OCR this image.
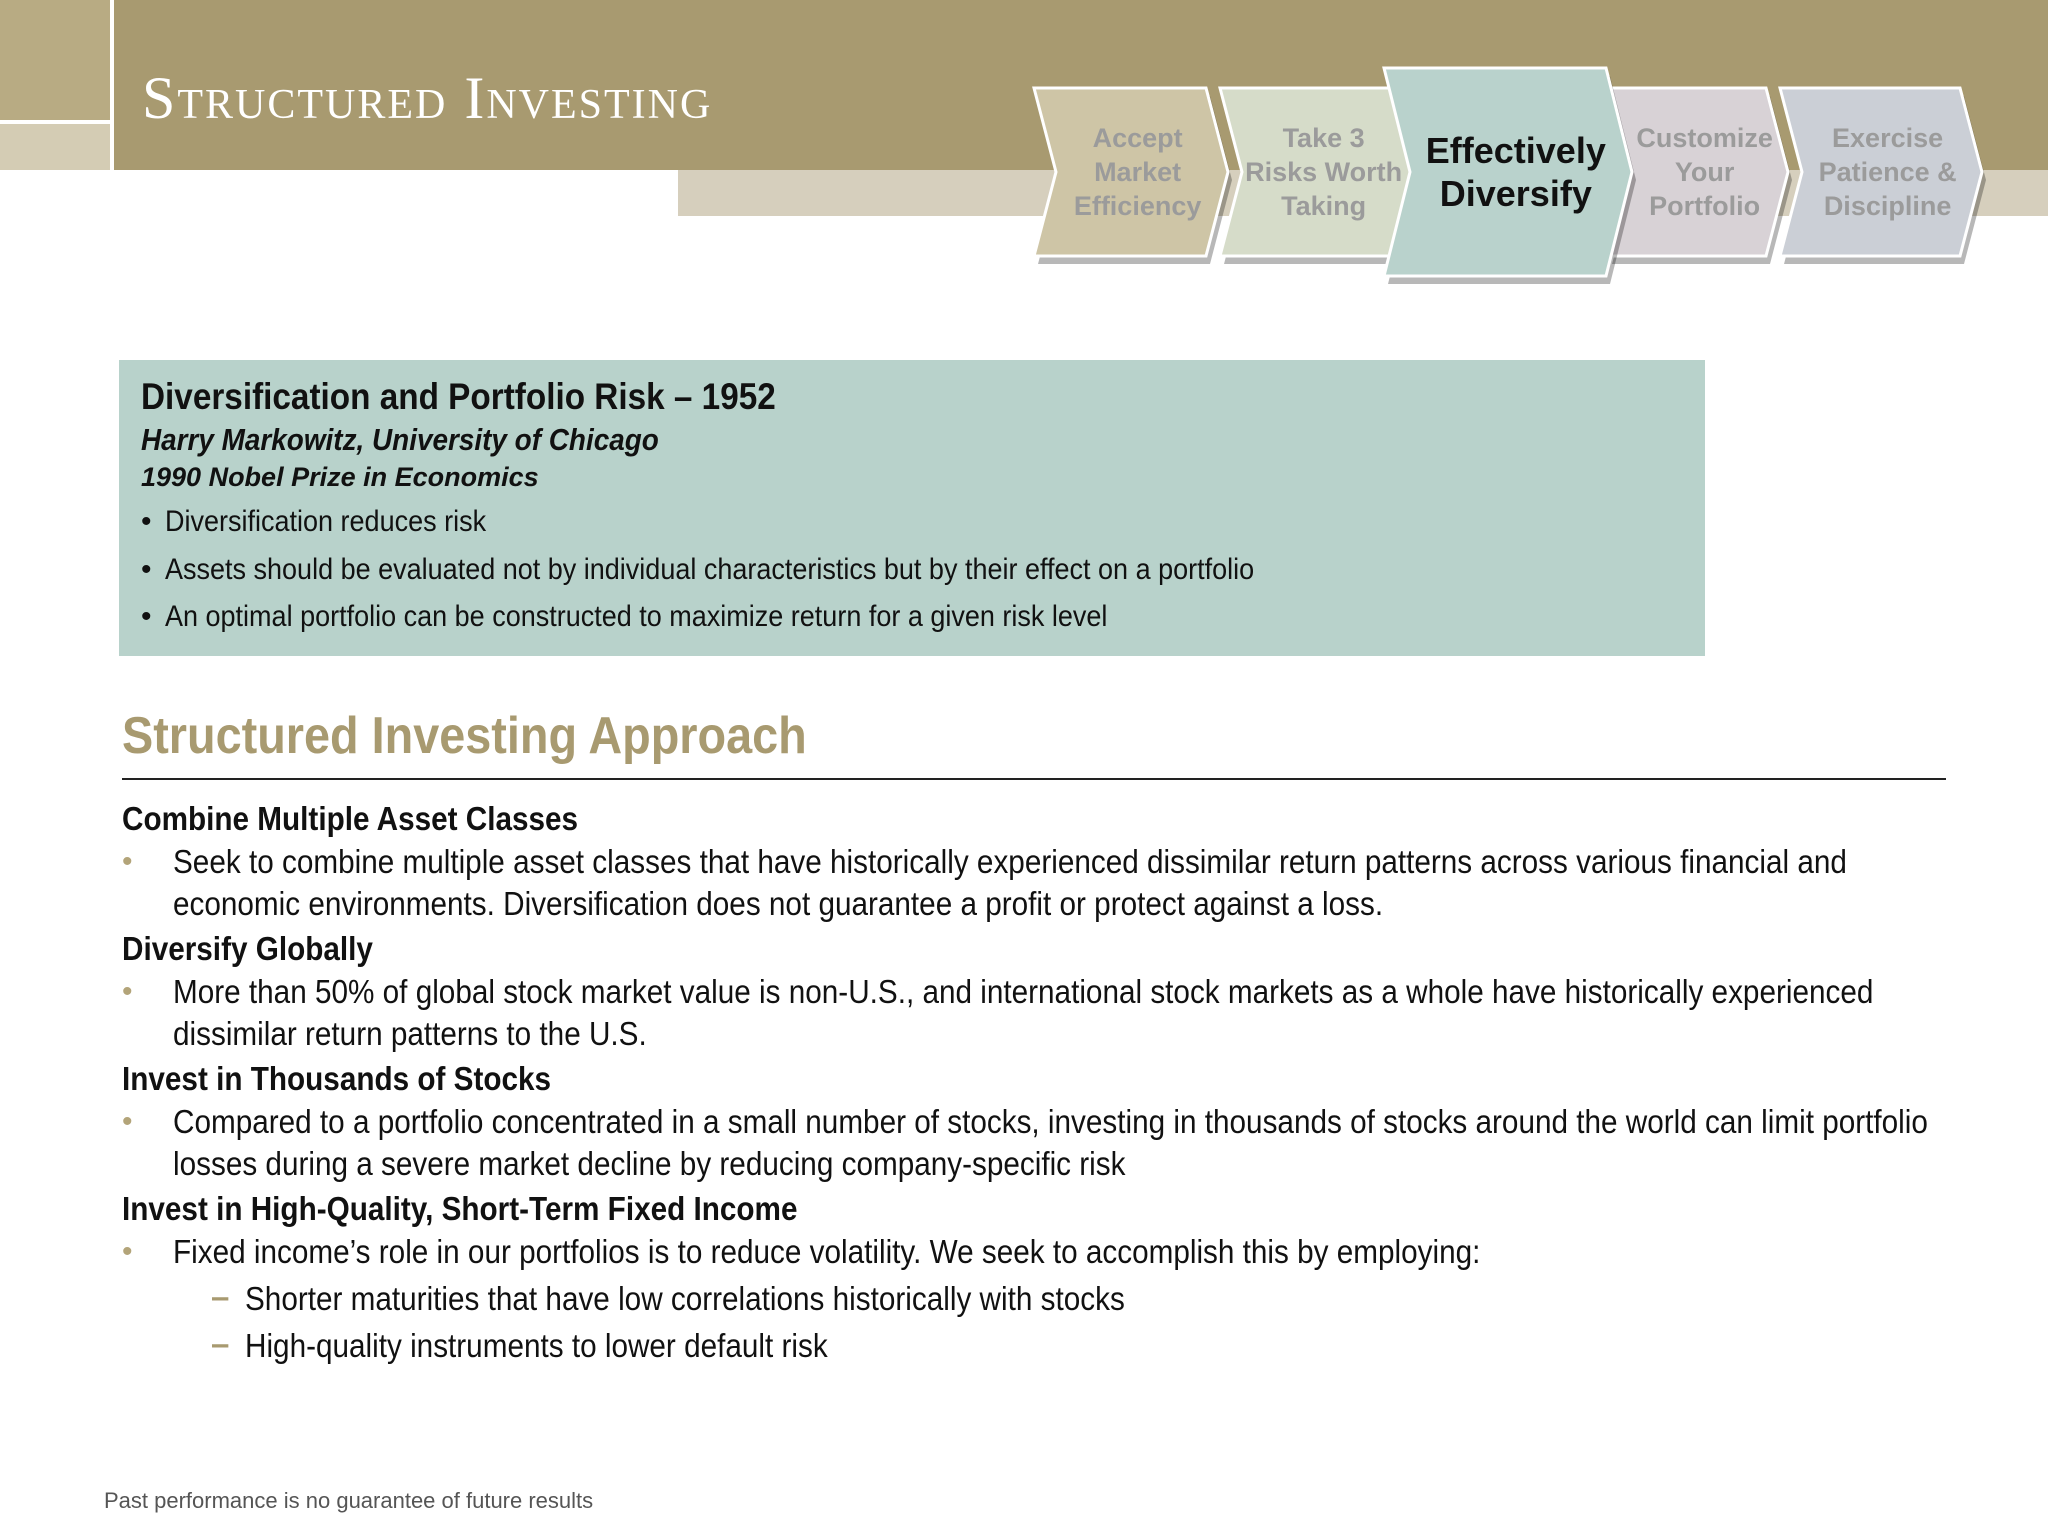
Structured Investing
Accept
Market
Efficiency
Take 3
Risks Worth
Taking
Customize
Your
Portfolio
Exercise
Patience &
Discipline
Effectively
Diversify

Diversification and Portfolio Risk – 1952

Harry Markowitz, University of Chicago

1990 Nobel Prize in Economics

• Diversification reduces risk
• Assets should be evaluated not by individual characteristics but by their effect on a portfolio
• An optimal portfolio can be constructed to maximize return for a given risk level
Structured Investing Approach

Combine Multiple Asset Classes

• Seek to combine multiple asset classes that have historically experienced dissimilar return patterns across various financial and economic environments. Diversification does not guarantee a profit or protect against a loss.

Diversify Globally

• More than 50% of global stock market value is non-U.S., and international stock markets as a whole have historically experienced dissimilar return patterns to the U.S.

Invest in Thousands of Stocks

• Compared to a portfolio concentrated in a small number of stocks, investing in thousands of stocks around the world can limit portfolio losses during a severe market decline by reducing company-specific risk

Invest in High-Quality, Short-Term Fixed Income

• Fixed income’s role in our portfolios is to reduce volatility. We seek to accomplish this by employing:
– Shorter maturities that have low correlations historically with stocks
– High-quality instruments to lower default risk

Past performance is no guarantee of future results
